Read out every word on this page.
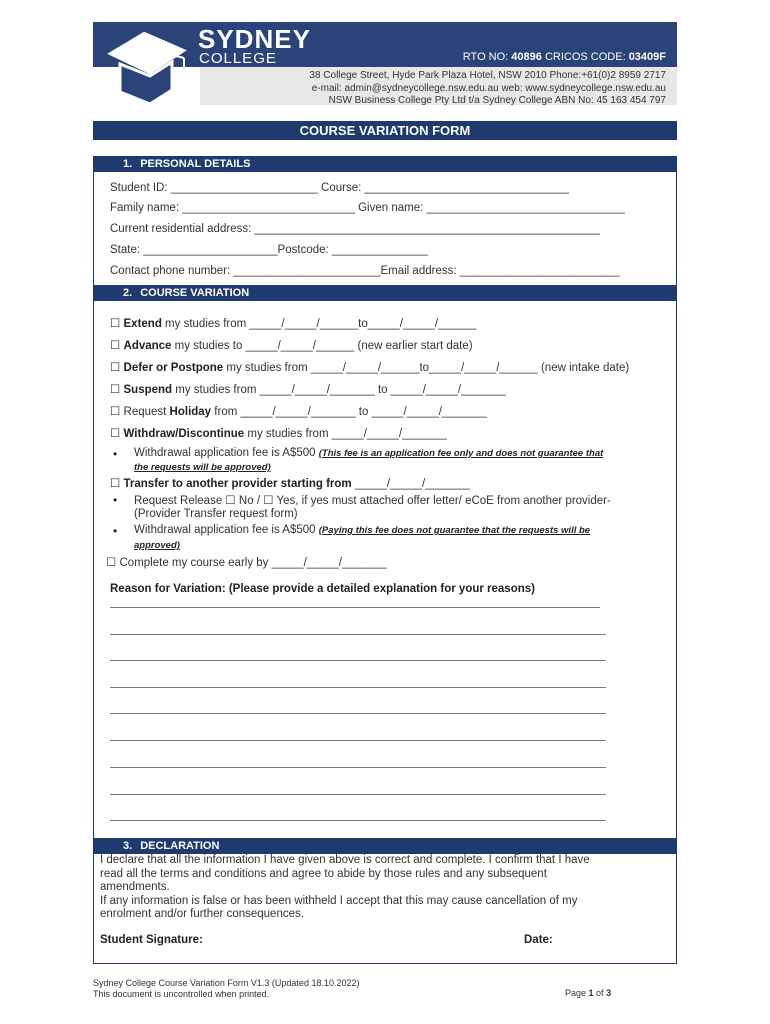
SYDNEY
COLLEGE	RTO NO: 40896 CRICOS CODE: 03409F
38 College Street, Hyde Park Plaza Hotel, NSW 2010 Phone:+61(0)2 8959 2717
e-mail: admin@sydneycollege.nsw.edu.au web: www.sydneycollege.nsw.edu.au
NSW Business College Pty Ltd t/a Sydney College ABN No: 45 163 454 797
COURSE VARIATION FORM
1. PERSONAL DETAILS
Student ID: _______________________ Course: ________________________________
Family name: ___________________________ Given name: _______________________________
Current residential address: ______________________________________________________
State: _____________________Postcode: _______________
Contact phone number: _______________________Email address: _________________________
2. COURSE VARIATION
☐ Extend my studies from _____/_____/______to_____/_____/______
☐ Advance my studies to _____/_____/______ (new earlier start date)
☐ Defer or Postpone my studies from _____/_____/______to_____/_____/______ (new intake date)
☐ Suspend my studies from _____/_____/_______ to _____/_____/_______
☐ Request Holiday from _____/_____/_______ to _____/_____/_______
☐ Withdraw/Discontinue my studies from _____/_____/_______
• Withdrawal application fee is A$500 (This fee is an application fee only and does not guarantee that
the requests will be approved)
☐ Transfer to another provider starting from _____/_____/_______
• Request Release ☐ No / ☐ Yes, if yes must attached offer letter/ eCoE from another provider-
(Provider Transfer request form)
• Withdrawal application fee is A$500 (Paying this fee does not guarantee that the requests will be
approved)
☐ Complete my course early by _____/_____/_______
Reason for Variation: (Please provide a detailed explanation for your reasons)
3. DECLARATION
I declare that all the information I have given above is correct and complete. I confirm that I have
read all the terms and conditions and agree to abide by those rules and any subsequent
amendments.
If any information is false or has been withheld I accept that this may cause cancellation of my
enrolment and/or further consequences.
Student Signature:	Date:
Sydney College Course Variation Form V1.3 (Updated 18.10.2022)
This document is uncontrolled when printed.	Page 1 of 3
